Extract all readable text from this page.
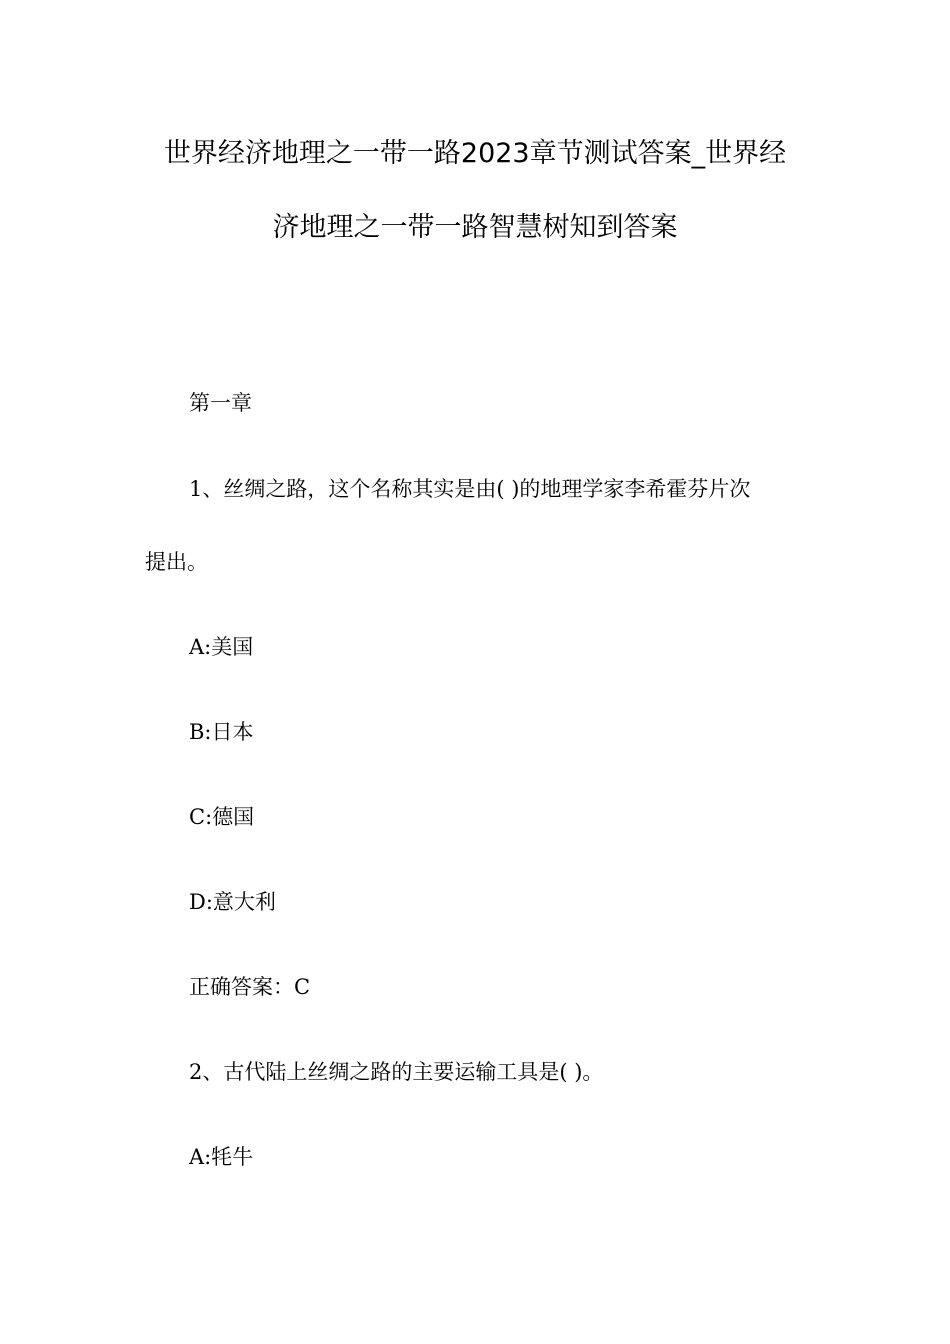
世界经济地理之一带一路2023章节测试答案_世界经
济地理之一带一路智慧树知到答案
第一章
1、丝绸之路，这个名称其实是由( )的地理学家李希霍芬片次
提出。
A:美国
B:日本
C:德国
D:意大利
正确答案：C
2、古代陆上丝绸之路的主要运输工具是( )。
A:牦牛
